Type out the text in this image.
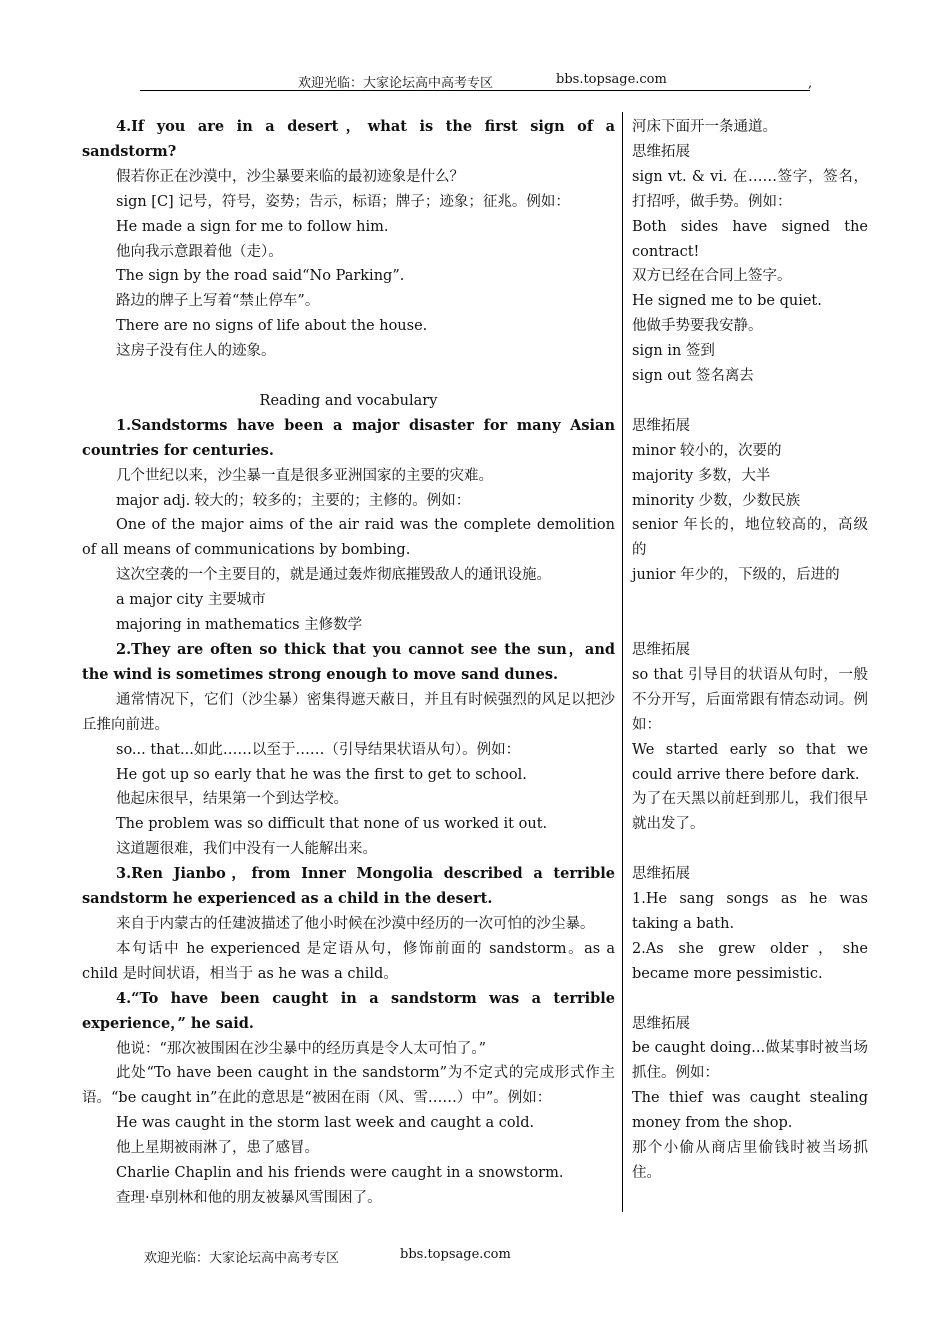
欢迎光临：大家论坛高中高考专区	bbs.topsage.com	,
4.If you are in a desert，what is the first sign of a sandstorm?
假若你正在沙漠中，沙尘暴要来临的最初迹象是什么？
sign [C] 记号，符号，姿势；告示，标语；牌子；迹象；征兆。例如：
He made a sign for me to follow him.
他向我示意跟着他（走）。
The sign by the road said“No Parking”.
路边的牌子上写着“禁止停车”。
There are no signs of life about the house.
这房子没有住人的迹象。
Reading and vocabulary
1.Sandstorms have been a major disaster for many Asian countries for centuries.
几个世纪以来，沙尘暴一直是很多亚洲国家的主要的灾难。
major adj. 较大的；较多的；主要的；主修的。例如：
One of the major aims of the air raid was the complete demolition of all means of communications by bombing.
这次空袭的一个主要目的，就是通过轰炸彻底摧毁敌人的通讯设施。
a major city 主要城市
majoring in mathematics 主修数学
2.They are often so thick that you cannot see the sun，and the wind is sometimes strong enough to move sand dunes.
通常情况下，它们（沙尘暴）密集得遮天蔽日，并且有时候强烈的风足以把沙丘推向前进。
so... that...如此……以至于……（引导结果状语从句）。例如：
He got up so early that he was the first to get to school.
他起床很早，结果第一个到达学校。
The problem was so difficult that none of us worked it out.
这道题很难，我们中没有一人能解出来。
3.Ren Jianbo，from Inner Mongolia described a terrible sandstorm he experienced as a child in the desert.
来自于内蒙古的任建波描述了他小时候在沙漠中经历的一次可怕的沙尘暴。
本句话中 he experienced 是定语从句，修饰前面的 sandstorm。as a child 是时间状语，相当于 as he was a child。
4.“To have been caught in a sandstorm was a terrible experience，” he said.
他说：“那次被围困在沙尘暴中的经历真是令人太可怕了。”
此处“To have been caught in the sandstorm”为不定式的完成形式作主语。“be caught in”在此的意思是“被困在雨（风、雪……）中”。例如：
He was caught in the storm last week and caught a cold.
他上星期被雨淋了，患了感冒。
Charlie Chaplin and his friends were caught in a snowstorm.
查理·卓别林和他的朋友被暴风雪围困了。
河床下面开一条通道。
思维拓展
sign vt. & vi. 在……签字，签名，打招呼，做手势。例如：
Both sides have signed the contract!
双方已经在合同上签字。
He signed me to be quiet.
他做手势要我安静。
sign in 签到
sign out 签名离去
思维拓展
minor 较小的，次要的
majority 多数，大半
minority 少数，少数民族
senior 年长的，地位较高的，高级的
junior 年少的，下级的，后进的
思维拓展
so that 引导目的状语从句时，一般不分开写，后面常跟有情态动词。例如：
We started early so that we could arrive there before dark.
为了在天黑以前赶到那儿，我们很早就出发了。
思维拓展
1.He sang songs as he was taking a bath.
2.As she grew older，she became more pessimistic.
思维拓展
be caught doing...做某事时被当场抓住。例如：
The thief was caught stealing money from the shop.
那个小偷从商店里偷钱时被当场抓住。
欢迎光临：大家论坛高中高考专区	bbs.topsage.com
